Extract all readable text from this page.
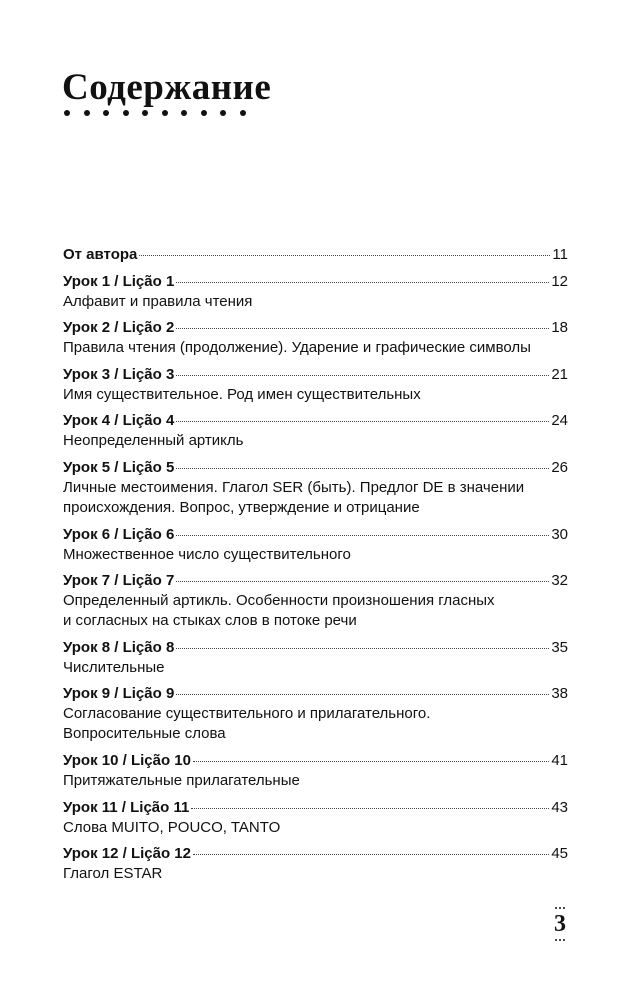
Содержание
От автора	11
Урок 1 / Lição 1	12
Алфавит и правила чтения
Урок 2 / Lição 2	18
Правила чтения (продолжение). Ударение и графические символы
Урок 3 / Lição 3	21
Имя существительное. Род имен существительных
Урок 4 / Lição 4	24
Неопределенный артикль
Урок 5 / Lição 5	26
Личные местоимения. Глагол SER (быть). Предлог DE в значении
происхождения. Вопрос, утверждение и отрицание
Урок 6 / Lição 6	30
Множественное число существительного
Урок 7 / Lição 7	32
Определенный артикль. Особенности произношения гласных
и согласных на стыках слов в потоке речи
Урок 8 / Lição 8	35
Числительные
Урок 9 / Lição 9	38
Согласование существительного и прилагательного.
Вопросительные слова
Урок 10 / Lição 10	41
Притяжательные прилагательные
Урок 11 / Lição 11	43
Слова MUITO, POUCO, TANTO
Урок 12 / Lição 12	45
Глагол ESTAR
3
